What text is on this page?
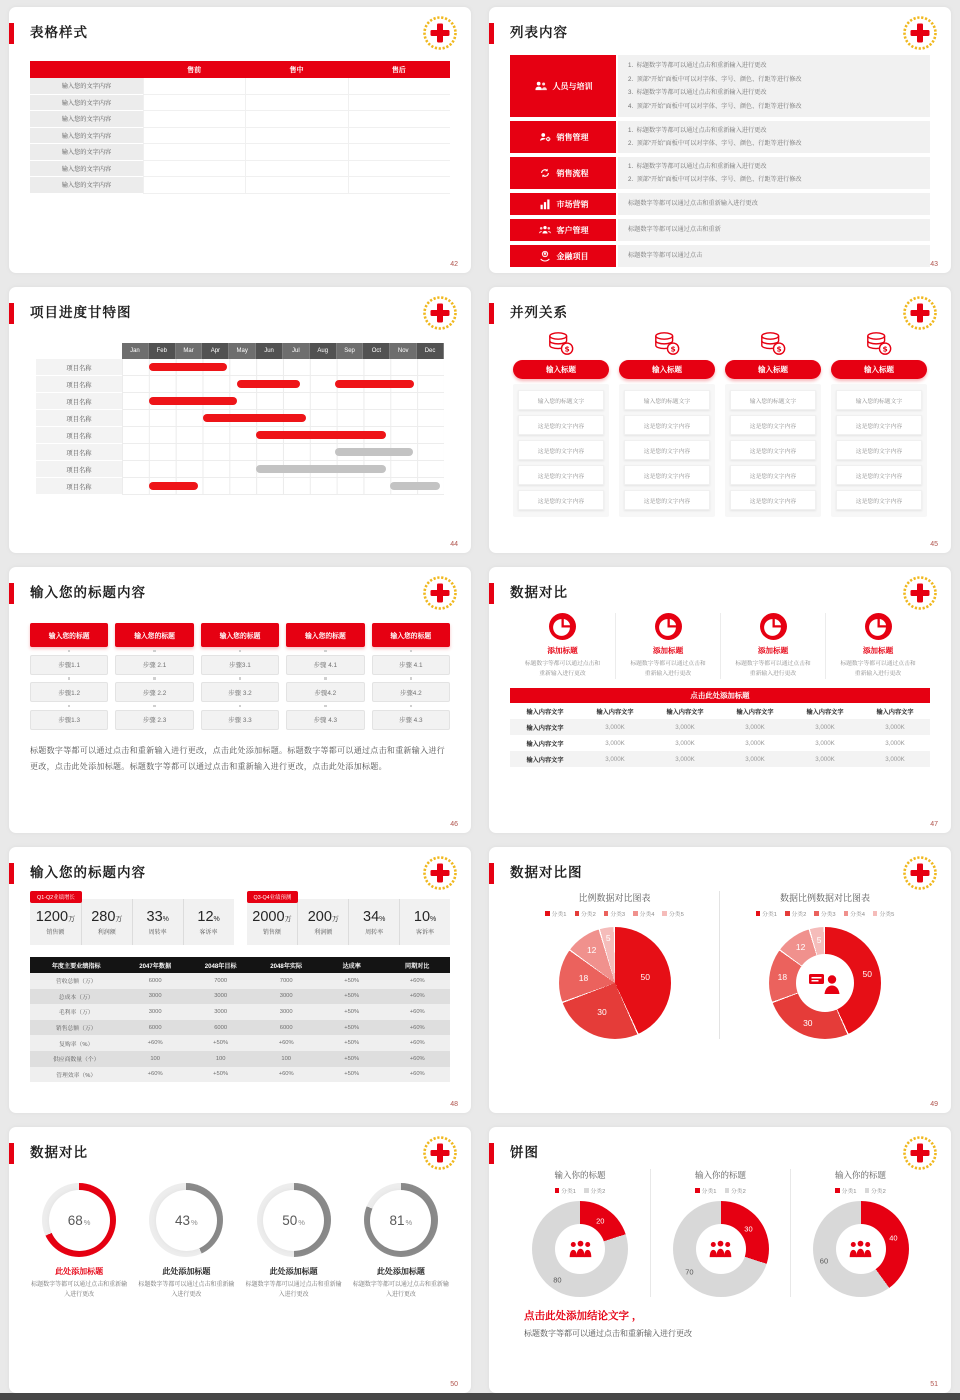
表格样式
售前	售中	售后
输入您的文字内容
输入您的文字内容
输入您的文字内容
输入您的文字内容
输入您的文字内容
输入您的文字内容
输入您的文字内容
42
列表内容
人员与培训
1.  标题数字等都可以通过点击和重新输入进行更改
2.  顶部“开始”面板中可以对字体、字号、颜色、行距等进行修改
3.  标题数字等都可以通过点击和重新输入进行更改
4.  顶部“开始”面板中可以对字体、字号、颜色、行距等进行修改
销售管理
1.  标题数字等都可以通过点击和重新输入进行更改
2.  顶部“开始”面板中可以对字体、字号、颜色、行距等进行修改
销售流程
1.  标题数字等都可以通过点击和重新输入进行更改
2.  顶部“开始”面板中可以对字体、字号、颜色、行距等进行修改
市场营销	标题数字等都可以通过点击和重新输入进行更改
客户管理	标题数字等都可以通过点击和重新
¥ 金融项目	标题数字等都可以通过点击
43
项目进度甘特图
Jan	Feb	Mar	Apr	May	Jun	Jul	Aug	Sep	Oct	Nov	Dec
项目名称
项目名称
项目名称
项目名称
项目名称
项目名称
项目名称
项目名称
44
并列关系
$
输入标题
输入您的标题文字
这是您的文字内容
这是您的文字内容
这是您的文字内容
这是您的文字内容
$
输入标题
输入您的标题文字
这是您的文字内容
这是您的文字内容
这是您的文字内容
这是您的文字内容
$
输入标题
输入您的标题文字
这是您的文字内容
这是您的文字内容
这是您的文字内容
这是您的文字内容
$
输入标题
输入您的标题文字
这是您的文字内容
这是您的文字内容
这是您的文字内容
这是您的文字内容
45
输入您的标题内容
输入您的标题
步骤1.1
步骤1.2
步骤1.3
输入您的标题
步骤 2.1
步骤 2.2
步骤 2.3
输入您的标题
步骤3.1
步骤 3.2
步骤 3.3
输入您的标题
步骤 4.1
步骤4.2
步骤 4.3
输入您的标题
步骤 4.1
步骤4.2
步骤 4.3

标题数字等都可以通过点击和重新输入进行更改，点击此处添加标题。标题数字等都可以通过点击和重新输入进行更改，点击此处添加标题。标题数字等都可以通过点击和重新输入进行更改，点击此处添加标题。

46
数据对比
添加标题
标题数字等都可以通过点击和重新输入进行更改
添加标题
标题数字等都可以通过点击和重新输入进行更改
添加标题
标题数字等都可以通过点击和重新输入进行更改
添加标题
标题数字等都可以通过点击和重新输入进行更改
点击此处添加标题
输入内容文字	输入内容文字	输入内容文字	输入内容文字	输入内容文字	输入内容文字
输入内容文字	3,000K	3,000K	3,000K	3,000K	3,000K
输入内容文字	3,000K	3,000K	3,000K	3,000K	3,000K
输入内容文字	3,000K	3,000K	3,000K	3,000K	3,000K
47
输入您的标题内容
Q1-Q2业绩增长
1200 万
销售额
280 万
利润额
33 %
周转率
12 %
客诉率
Q3-Q4业绩预测
2000 万
销售额
200 万
利润额
34 %
周转率
10 %
客诉率
年度主要业绩指标	2047年数据	2048年目标	2048年实际	达成率	同期对比
营收总额（万）	6000	7000	7000	+50%	+60%
总成本（万）	3000	3000	3000	+50%	+60%
毛利率（万）	3000	3000	3000	+50%	+60%
销售总额（万）	6000	6000	6000	+50%	+60%
复购率（%）	+60%	+50%	+60%	+50%	+60%
供应商数量（个）	100	100	100	+50%	+60%
管理效率（%）	+60%	+50%	+60%	+50%	+60%
48
数据对比图
比例数据对比图表
分类1	分类2	分类3	分类4	分类5
50
30
18
12
5
数据比例数据对比图表
分类1	分类2	分类3	分类4	分类5
50
30
18
12
5
49
数据对比
68 %
此处添加标题
标题数字等都可以通过点击和重新输入进行更改
43 %
此处添加标题
标题数字等都可以通过点击和重新输入进行更改
50 %
此处添加标题
标题数字等都可以通过点击和重新输入进行更改
81 %
此处添加标题
标题数字等都可以通过点击和重新输入进行更改
50
饼图
输入你的标题
分类1	分类2
20
80
输入你的标题
分类1	分类2
30
70
输入你的标题
分类1	分类2
40
60
点击此处添加结论文字 ，
标题数字等都可以通过点击和重新输入进行更改
51
